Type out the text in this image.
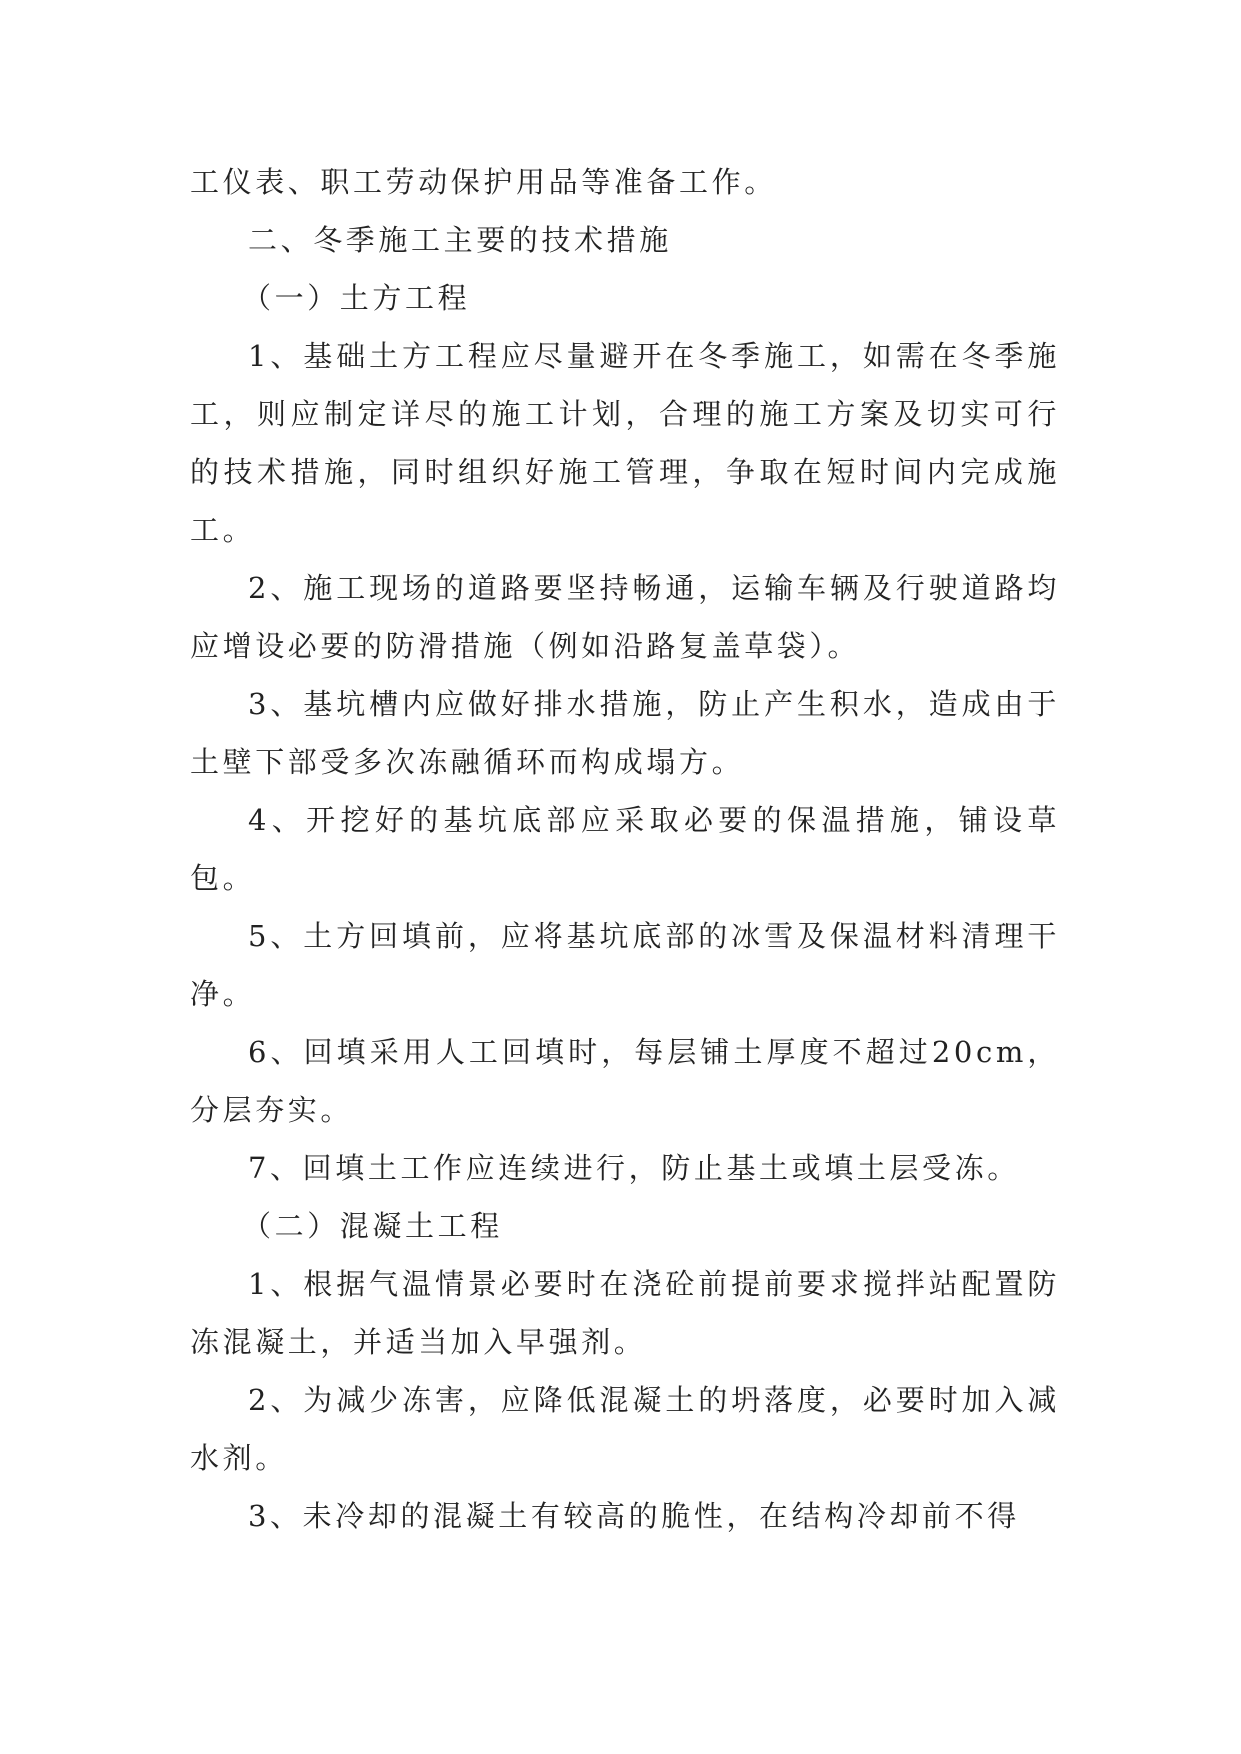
工仪表、职工劳动保护用品等准备工作。

二、冬季施工主要的技术措施

（一）土方工程

1、基础土方工程应尽量避开在冬季施工，如需在冬季施工，则应制定详尽的施工计划，合理的施工方案及切实可行的技术措施，同时组织好施工管理，争取在短时间内完成施工。

2、施工现场的道路要坚持畅通，运输车辆及行驶道路均应增设必要的防滑措施（例如沿路复盖草袋）。

3、基坑槽内应做好排水措施，防止产生积水，造成由于土壁下部受多次冻融循环而构成塌方。

4、开挖好的基坑底部应采取必要的保温措施，铺设草包。

5、土方回填前，应将基坑底部的冰雪及保温材料清理干净。

6、回填采用人工回填时，每层铺土厚度不超过20cm，分层夯实。

7、回填土工作应连续进行，防止基土或填土层受冻。

（二）混凝土工程

1、根据气温情景必要时在浇砼前提前要求搅拌站配置防冻混凝土，并适当加入早强剂。

2、为减少冻害，应降低混凝土的坍落度，必要时加入减水剂。

3、未冷却的混凝土有较高的脆性，在结构冷却前不得
